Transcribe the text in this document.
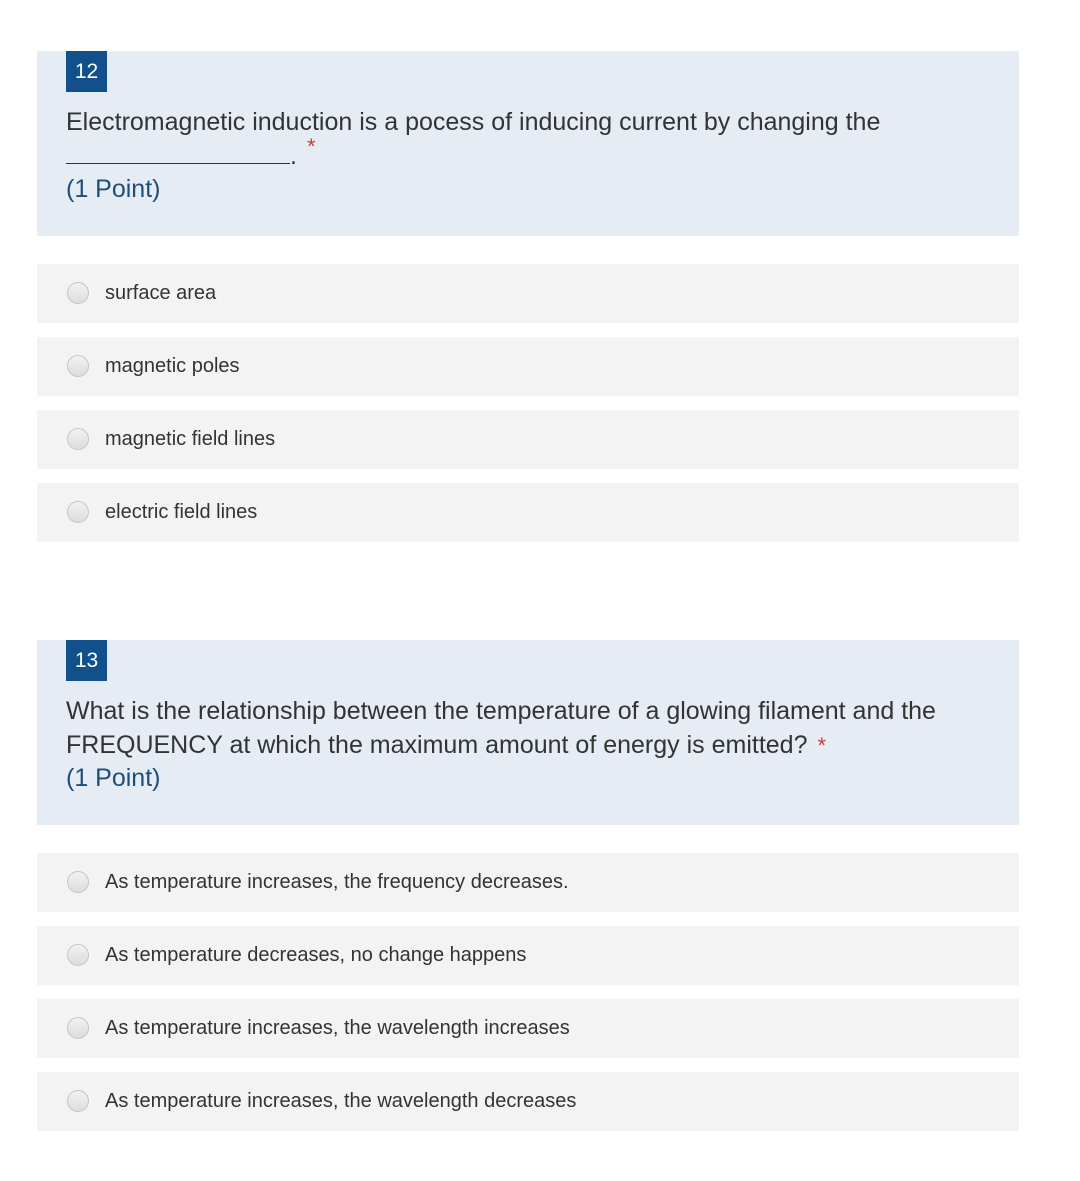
12
Electromagnetic induction is a pocess of inducing current by changing the
. *
(1 Point)
surface area
magnetic poles
magnetic field lines
electric field lines
13
What is the relationship between the temperature of a glowing filament and the FREQUENCY at which the maximum amount of energy is emitted? *
(1 Point)
As temperature increases, the frequency decreases.
As temperature decreases, no change happens
As temperature increases, the wavelength increases
As temperature increases, the wavelength decreases
